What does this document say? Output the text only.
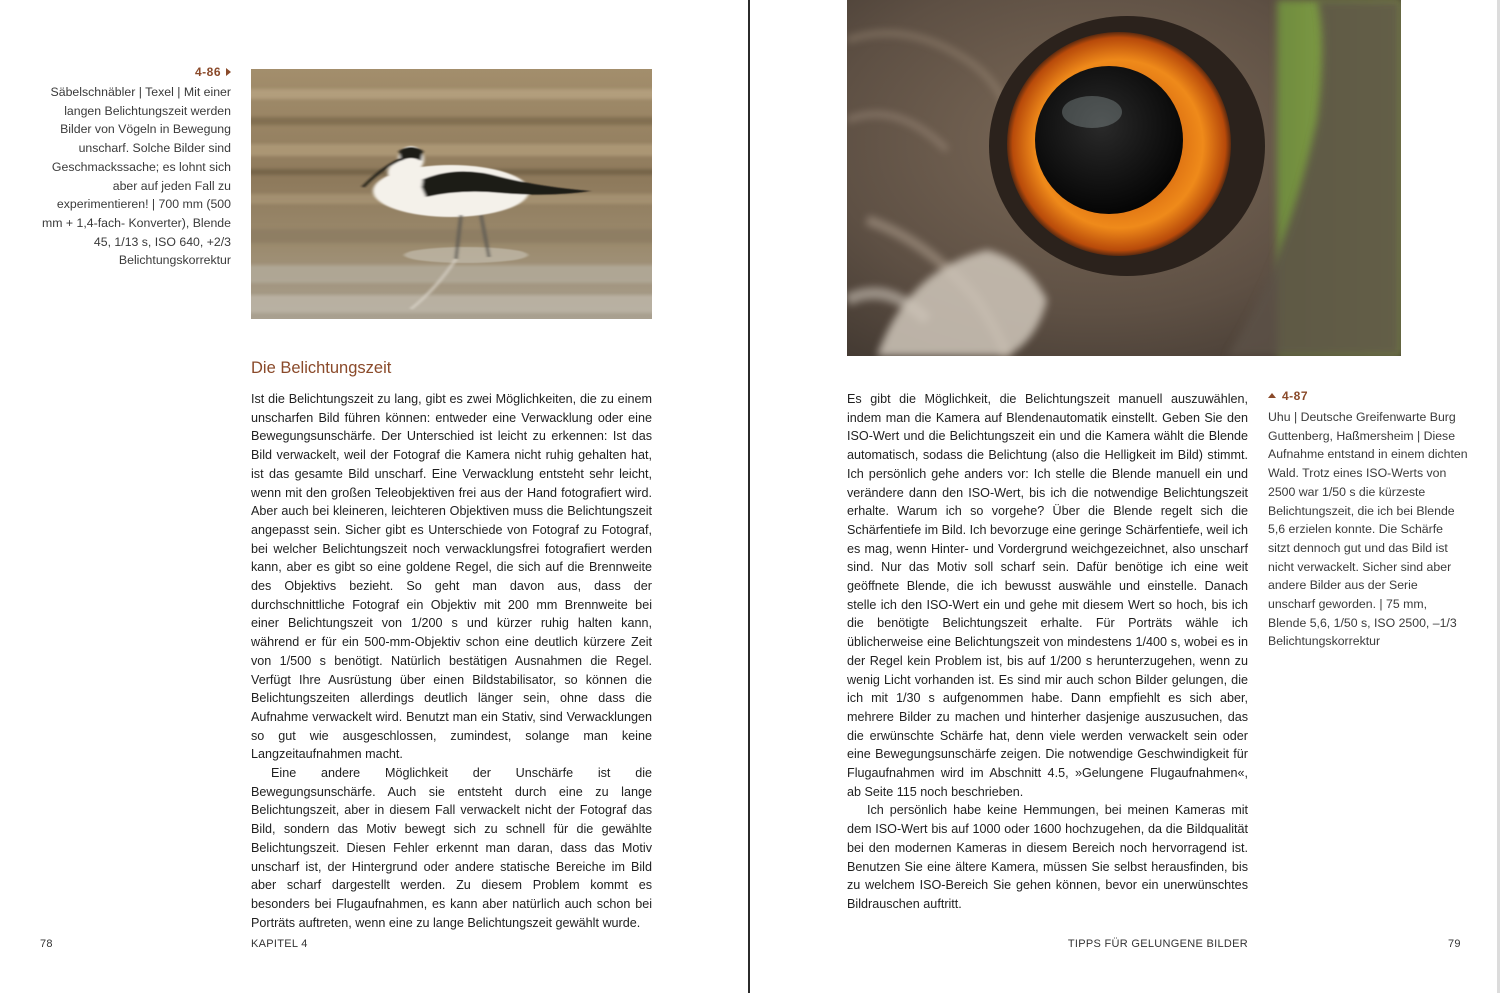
4-86
Säbelschnäbler | Texel | Mit einer langen Belichtungszeit werden Bilder von Vögeln in Bewegung unscharf. Solche Bilder sind Geschmackssache; es lohnt sich aber auf jeden Fall zu experimentieren! | 700 mm (500 mm + 1,4-fach- Konverter), Blende 45, 1/13 s, ISO 640, +2/3 Belichtungskorrektur
Die Belichtungszeit

Ist die Belichtungszeit zu lang, gibt es zwei Möglichkeiten, die zu einem unscharfen Bild führen können: entweder eine Verwacklung oder eine Bewegungsunschärfe. Der Unterschied ist leicht zu erkennen: Ist das Bild verwackelt, weil der Fotograf die Kamera nicht ruhig gehalten hat, ist das gesamte Bild unscharf. Eine Verwacklung entsteht sehr leicht, wenn mit den großen Teleobjektiven frei aus der Hand fotografiert wird. Aber auch bei kleineren, leichteren Objektiven muss die Belichtungszeit angepasst sein. Sicher gibt es Unterschiede von Fotograf zu Fotograf, bei welcher Belichtungszeit noch verwacklungsfrei fotografiert werden kann, aber es gibt so eine goldene Regel, die sich auf die Brennweite des Objektivs bezieht. So geht man davon aus, dass der durchschnittliche Fotograf ein Objektiv mit 200 mm Brennweite bei einer Belichtungszeit von 1/200 s und kürzer ruhig halten kann, während er für ein 500-mm-Objektiv schon eine deutlich kürzere Zeit von 1/500 s benötigt. Natürlich bestätigen Ausnahmen die Regel. Verfügt Ihre Ausrüstung über einen Bildstabilisator, so können die Belichtungszeiten allerdings deutlich länger sein, ohne dass die Aufnahme verwackelt wird. Benutzt man ein Stativ, sind Verwacklungen so gut wie ausgeschlossen, zumindest, solange man keine Langzeitaufnahmen macht.

Eine andere Möglichkeit der Unschärfe ist die Bewegungsunschärfe. Auch sie entsteht durch eine zu lange Belichtungszeit, aber in diesem Fall verwackelt nicht der Fotograf das Bild, sondern das Motiv bewegt sich zu schnell für die gewählte Belichtungszeit. Diesen Fehler erkennt man daran, dass das Motiv unscharf ist, der Hintergrund oder andere statische Bereiche im Bild aber scharf dargestellt werden. Zu diesem Problem kommt es besonders bei Flugaufnahmen, es kann aber natürlich auch schon bei Porträts auftreten, wenn eine zu lange Belichtungszeit gewählt wurde.

78	KAPITEL 4
4-87
Uhu | Deutsche Greifenwarte Burg Guttenberg, Haßmersheim | Diese Aufnahme entstand in einem dichten Wald. Trotz eines ISO-Werts von 2500 war 1/50 s die kürzeste Belichtungszeit, die ich bei Blende 5,6 erzielen konnte. Die Schärfe sitzt dennoch gut und das Bild ist nicht verwackelt. Sicher sind aber andere Bilder aus der Serie unscharf geworden. | 75 mm, Blende 5,6, 1/50 s, ISO 2500, –1/3 Belichtungskorrektur

Es gibt die Möglichkeit, die Belichtungszeit manuell auszuwählen, indem man die Kamera auf Blendenautomatik einstellt. Geben Sie den ISO-Wert und die Belichtungszeit ein und die Kamera wählt die Blende automatisch, sodass die Belichtung (also die Helligkeit im Bild) stimmt. Ich persönlich gehe anders vor: Ich stelle die Blende manuell ein und verändere dann den ISO-Wert, bis ich die notwendige Belichtungszeit erhalte. Warum ich so vorgehe? Über die Blende regelt sich die Schärfentiefe im Bild. Ich bevorzuge eine geringe Schärfentiefe, weil ich es mag, wenn Hinter- und Vordergrund weichgezeichnet, also unscharf sind. Nur das Motiv soll scharf sein. Dafür benötige ich eine weit geöffnete Blende, die ich bewusst auswähle und einstelle. Danach stelle ich den ISO-Wert ein und gehe mit diesem Wert so hoch, bis ich die benötigte Belichtungszeit erhalte. Für Porträts wähle ich üblicherweise eine Belichtungszeit von mindestens 1/400 s, wobei es in der Regel kein Problem ist, bis auf 1/200 s herunterzugehen, wenn zu wenig Licht vorhanden ist. Es sind mir auch schon Bilder gelungen, die ich mit 1/30 s aufgenommen habe. Dann empfiehlt es sich aber, mehrere Bilder zu machen und hinterher dasjenige auszusuchen, das die erwünschte Schärfe hat, denn viele werden verwackelt sein oder eine Bewegungsunschärfe zeigen. Die notwendige Geschwindigkeit für Flugaufnahmen wird im Abschnitt 4.5, »Gelungene Flugaufnahmen«, ab Seite 115 noch beschrieben.

Ich persönlich habe keine Hemmungen, bei meinen Kameras mit dem ISO-Wert bis auf 1000 oder 1600 hochzugehen, da die Bildqualität bei den modernen Kameras in diesem Bereich noch hervorragend ist. Benutzen Sie eine ältere Kamera, müssen Sie selbst herausfinden, bis zu welchem ISO-Bereich Sie gehen können, bevor ein unerwünschtes Bildrauschen auftritt.

TIPPS FÜR GELUNGENE BILDER	79
